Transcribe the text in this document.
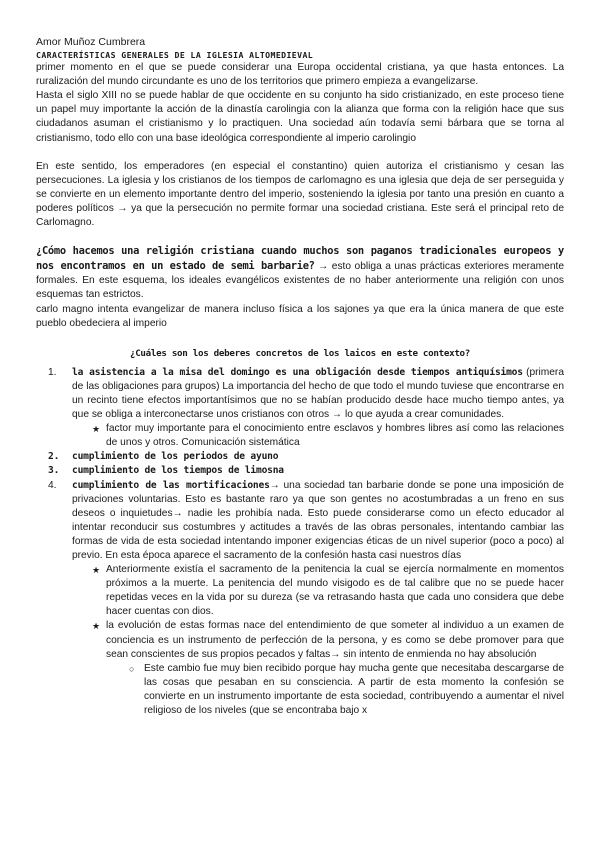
Amor Muñoz Cumbrera

CARACTERÍSTICAS GENERALES DE LA IGLESIA ALTOMEDIEVAL

primer momento en el que se puede considerar una Europa occidental cristiana, ya que hasta entonces. La ruralización del mundo circundante es uno de los territorios que primero empieza a evangelizarse.

Hasta el siglo XIII no se puede hablar de que occidente en su conjunto ha sido cristianizado, en este proceso tiene un papel muy importante la acción de la dinastía carolingia con la alianza que forma con la religión hace que sus ciudadanos asuman el cristianismo y lo practiquen. Una sociedad aún todavía semi bárbara que se torna al cristianismo, todo ello con una base ideológica correspondiente al imperio carolingio

En este sentido, los emperadores (en especial el constantino) quien autoriza el cristianismo y cesan las persecuciones. La iglesia y los cristianos de los tiempos de carlomagno es una iglesia que deja de ser perseguida y se convierte en un elemento importante dentro del imperio, sosteniendo la iglesia por tanto una presión en cuanto a poderes políticos → ya que la persecución no permite formar una sociedad cristiana. Este será el principal reto de Carlomagno.

¿Cómo hacemos una religión cristiana cuando muchos son paganos tradicionales europeos y nos encontramos en un estado de semi barbarie? → esto obliga a unas prácticas exteriores meramente formales. En este esquema, los ideales evangélicos existentes de no haber anteriormente una religión con unos esquemas tan estrictos.

carlo magno intenta evangelizar de manera incluso física a los sajones ya que era la única manera de que este pueblo obedeciera al imperio

¿Cuáles son los deberes concretos de los laicos en este contexto?
1.	la asistencia a la misa del domingo es una obligación desde tiempos antiquísimos (primera de las obligaciones para grupos) La importancia del hecho de que todo el mundo tuviese que encontrarse en un recinto tiene efectos importantísimos que no se habían producido desde hace mucho tiempo antes, ya que se obliga a interconectarse unos cristianos con otros → lo que ayuda a crear comunidades.
★ factor muy importante para el conocimiento entre esclavos y hombres libres así como las relaciones de unos y otros. Comunicación sistemática
2. cumplimiento de los periodos de ayuno
3. cumplimiento de los tiempos de limosna
4.	cumplimiento de las mortificaciones→ una sociedad tan barbarie donde se pone una imposición de privaciones voluntarias. Esto es bastante raro ya que son gentes no acostumbradas a un freno en sus deseos o inquietudes→ nadie les prohibía nada. Esto puede considerarse como un efecto educador al intentar reconducir sus costumbres y actitudes a través de las obras personales, intentando cambiar las formas de vida de esta sociedad intentando imponer exigencias éticas de un nivel superior (poco a poco) al previo. En esta época aparece el sacramento de la confesión hasta casi nuestros días
★ Anteriormente existía el sacramento de la penitencia la cual se ejercía normalmente en momentos próximos a la muerte. La penitencia del mundo visigodo es de tal calibre que no se puede hacer repetidas veces en la vida por su dureza (se va retrasando hasta que cada uno considera que debe hacer cuentas con dios.
★ la evolución de estas formas nace del entendimiento de que someter al individuo a un examen de conciencia es un instrumento de perfección de la persona, y es como se debe promover para que sean conscientes de sus propios pecados y faltas→ sin intento de enmienda no hay absolución
○ Este cambio fue muy bien recibido porque hay mucha gente que necesitaba descargarse de las cosas que pesaban en su consciencia. A partir de esta momento la confesión se convierte en un instrumento importante de esta sociedad, contribuyendo a aumentar el nivel religioso de los niveles (que se encontraba bajo x
